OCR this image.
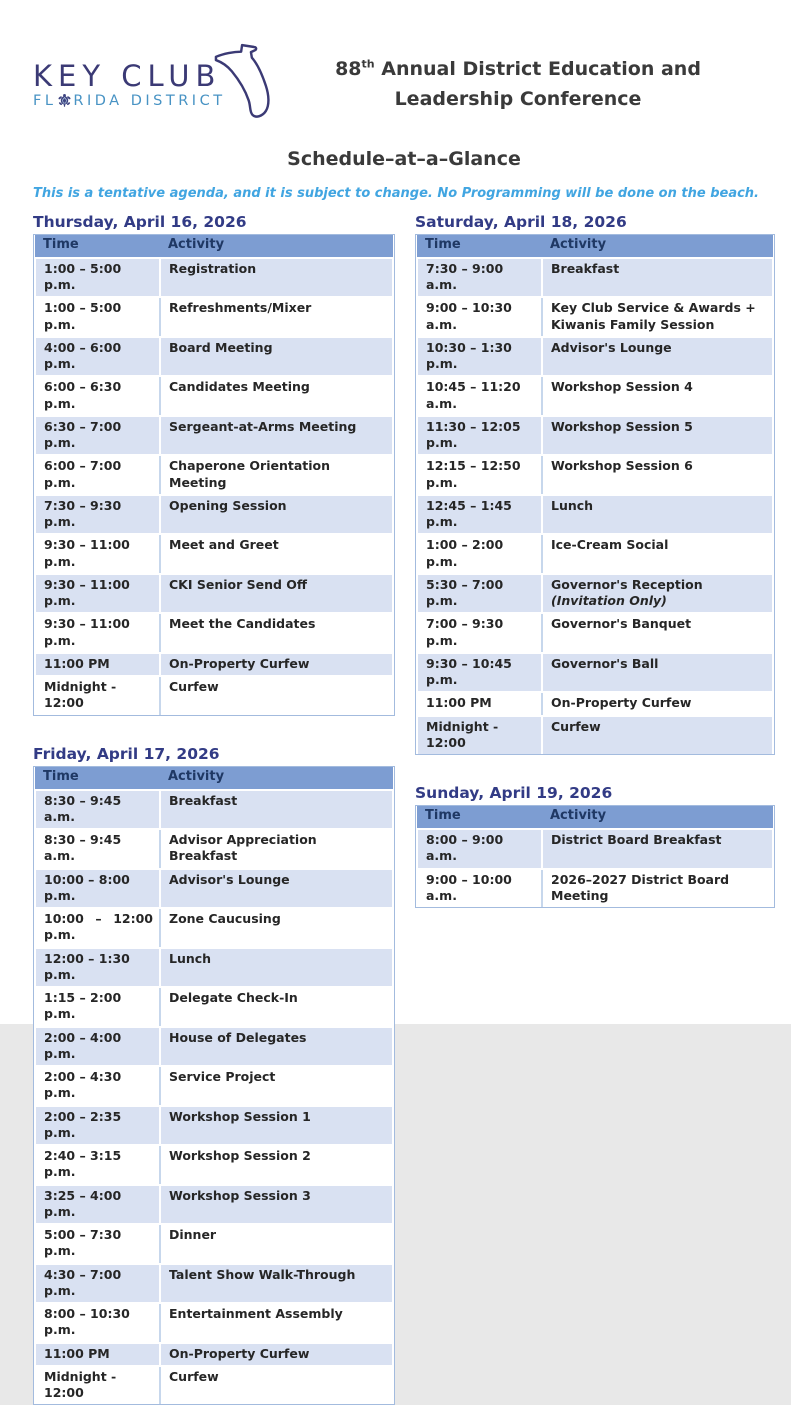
KEY CLUB
FL RIDA DISTRICT
88th Annual District Education and
Leadership Conference
Schedule–at–a–Glance
This is a tentative agenda, and it is subject to change. No Programming will be done on the beach.
Thursday, April 16, 2026
Time	Activity
1:00 – 5:00 p.m.	Registration
1:00 – 5:00 p.m.	Refreshments/Mixer
4:00 – 6:00 p.m.	Board Meeting
6:00 – 6:30 p.m.	Candidates Meeting
6:30 – 7:00 p.m.	Sergeant-at-Arms Meeting
6:00 – 7:00 p.m.	Chaperone Orientation Meeting
7:30 – 9:30 p.m.	Opening Session
9:30 – 11:00 p.m.	Meet and Greet
9:30 – 11:00 p.m.	CKI Senior Send Off
9:30 – 11:00 p.m.	Meet the Candidates
11:00 PM	On-Property Curfew
Midnight - 12:00	Curfew
Friday, April 17, 2026
Time	Activity
8:30 – 9:45 a.m.	Breakfast
8:30 – 9:45 a.m.	Advisor Appreciation Breakfast
10:00 – 8:00 p.m.	Advisor's Lounge
10:00 – 12:00 p.m.	Zone Caucusing
12:00 – 1:30 p.m.	Lunch
1:15 – 2:00 p.m.	Delegate Check-In
2:00 – 4:00 p.m.	House of Delegates
2:00 – 4:30 p.m.	Service Project
2:00 – 2:35 p.m.	Workshop Session 1
2:40 – 3:15 p.m.	Workshop Session 2
3:25 – 4:00 p.m.	Workshop Session 3
5:00 – 7:30 p.m.	Dinner
4:30 – 7:00 p.m.	Talent Show Walk-Through
8:00 – 10:30 p.m.	Entertainment Assembly
11:00 PM	On-Property Curfew
Midnight - 12:00	Curfew
Saturday, April 18, 2026
Time	Activity
7:30 – 9:00 a.m.	Breakfast
9:00 – 10:30 a.m.	Key Club Service & Awards + Kiwanis Family Session
10:30 – 1:30 p.m.	Advisor's Lounge
10:45 – 11:20 a.m.	Workshop Session 4
11:30 – 12:05 p.m.	Workshop Session 5
12:15 – 12:50 p.m.	Workshop Session 6
12:45 – 1:45 p.m.	Lunch
1:00 – 2:00 p.m.	Ice-Cream Social
5:30 – 7:00 p.m.	Governor's Reception (Invitation Only)
7:00 – 9:30 p.m.	Governor's Banquet
9:30 – 10:45 p.m.	Governor's Ball
11:00 PM	On-Property Curfew
Midnight - 12:00	Curfew
Sunday, April 19, 2026
Time	Activity
8:00 – 9:00 a.m.	District Board Breakfast
9:00 – 10:00 a.m.	2026–2027 District Board Meeting
